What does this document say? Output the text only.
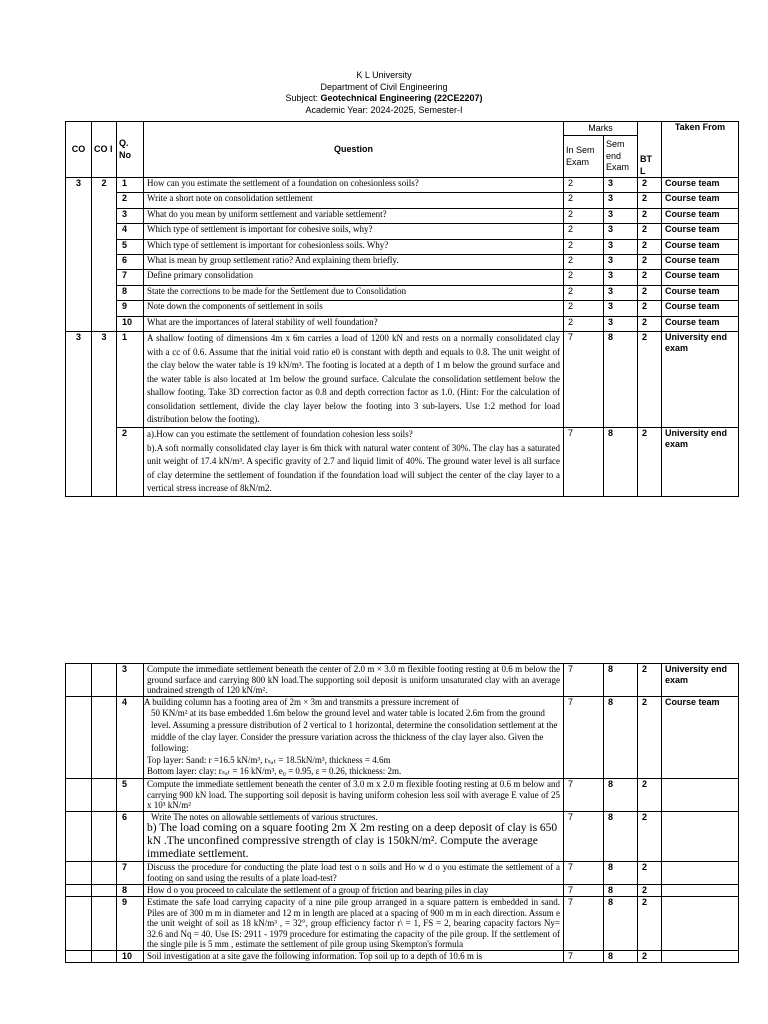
K L University
Department of Civil Engineering
Subject: Geotechnical Engineering (22CE2207)
Academic Year: 2024-2025, Semester-I
CO	CO I	Q. No	Question	Marks		BT L	Taken From
				In Sem Exam	Sem end Exam		
3	2	1	How can you estimate the settlement of a foundation on cohesionless soils?	2	3	2	Course team
		2	Write a short note on consolidation settlement	2	3	2	Course team
		3	What do you mean by uniform settlement and variable settlement?	2	3	2	Course team
		4	Which type of settlement is important for cohesive soils, why?	2	3	2	Course team
		5	Which type of settlement is important for cohesionless soils. Why?	2	3	2	Course team
		6	What is mean by group settlement ratio? And explaining them briefly.	2	3	2	Course team
		7	Define primary consolidation	2	3	2	Course team
		8	State the corrections to be made for the Settlement due to Consolidation	2	3	2	Course team
		9	Note down the components of settlement in soils	2	3	2	Course team
		10	What are the importances of lateral stability of well foundation?	2	3	2	Course team
3	3	1	A shallow footing of dimensions 4m x 6m carries a load of 1200 kN and rests on a normally consolidated clay with a cc of 0.6. Assume that the initial void ratio e0 is constant with depth and equals to 0.8. The unit weight of the clay below the water table is 19 kN/m³. The footing is located at a depth of 1 m below the ground surface and the water table is also located at 1m below the ground surface. Calculate the consolidation settlement below the shallow footing. Take 3D correction factor as 0.8 and depth correction factor as 1.0. (Hint: For the calculation of consolidation settlement, divide the clay layer below the footing into 3 sub-layers. Use 1:2 method for load distribution below the footing).	7	8	2	University end exam
		2	a).How can you estimate the settlement of foundation cohesion less soils?
b).A soft normally consolidated clay layer is 6m thick with natural water content of 30%. The clay has a saturated unit weight of 17.4 kN/m³. A specific gravity of 2.7 and liquid limit of 40%. The ground water level is all surface of clay determine the settlement of foundation if the foundation load will subject the center of the clay layer to a vertical stress increase of 8kN/m2.	7	8	2	University end exam
		3	Compute the immediate settlement beneath the center of 2.0 m × 3.0 m flexible footing resting at 0.6 m below the ground surface and carrying 800 kN load.The supporting soil deposit is uniform unsaturated clay with an average undrained strength of 120 kN/m².	7	8	2	University end exam
		4	A building column has a footing area of 2m × 3m and transmits a pressure increment of
50 KN/m² at its base embedded 1.6m below the ground level and water table is located 2.6m from the ground level. Assuming a pressure distribution of 2 vertical to 1 horizontal, determine the consolidation settlement at the middle of the clay layer. Consider the pressure variation across the thickness of the clay layer also. Given the following:
Top layer: Sand: r =16.5 kN/m³, rₛₐₜ = 18.5kN/m³, thickness = 4.6m
Bottom layer: clay: rₛₐₜ = 16 kN/m³, e₀ = 0.95, ε = 0.26, thickness: 2m.	7	8	2	Course team
		5	Compute the immediate settlement beneath the center of 3.0 m x 2.0 m flexible footing resting at 0.6 m below and carrying 900 kN load. The supporting soil deposit is having uniform cohesion less soil with average E value of 25 x 10³ kN/m²	7	8	2	
		6	Write The notes on allowable settlements of various structures.
b) The load coming on a square footing 2m X 2m resting on a deep deposit of clay is 650 kN .The unconfined compressive strength of clay is 150kN/m². Compute the average immediate settlement.	7	8	2	
		7	Discuss the procedure for conducting the plate load test o n soils and Ho w d o you estimate the settlement of a footing on sand using the results of a plate load-test?	7	8	2	
		8	How d o you proceed to calculate the settlement of a group of friction and bearing piles in clay	7	8	2	
		9	Estimate the safe load carrying capacity of a nine pile group arranged in a square pattern is embedded in sand. Piles are of 300 m m in diameter and 12 m in length are placed at a spacing of 900 m m in each direction. Assum e the unit weight of soil as 18 kN/m³ , = 32°, group efficiency factor r\ = 1, FS = 2, bearing capacity factors Ny= 32.6 and Nq = 40. Use IS: 2911 - 1979 procedure for estimating the capacity of the pile group. If the settlement of the single pile is 5 mm , estimate the settlement of pile group using Skempton's formula	7	8	2	
		10	Soil investigation at a site gave the following information. Top soil up to a depth of 10.6 m is	7	8	2	
